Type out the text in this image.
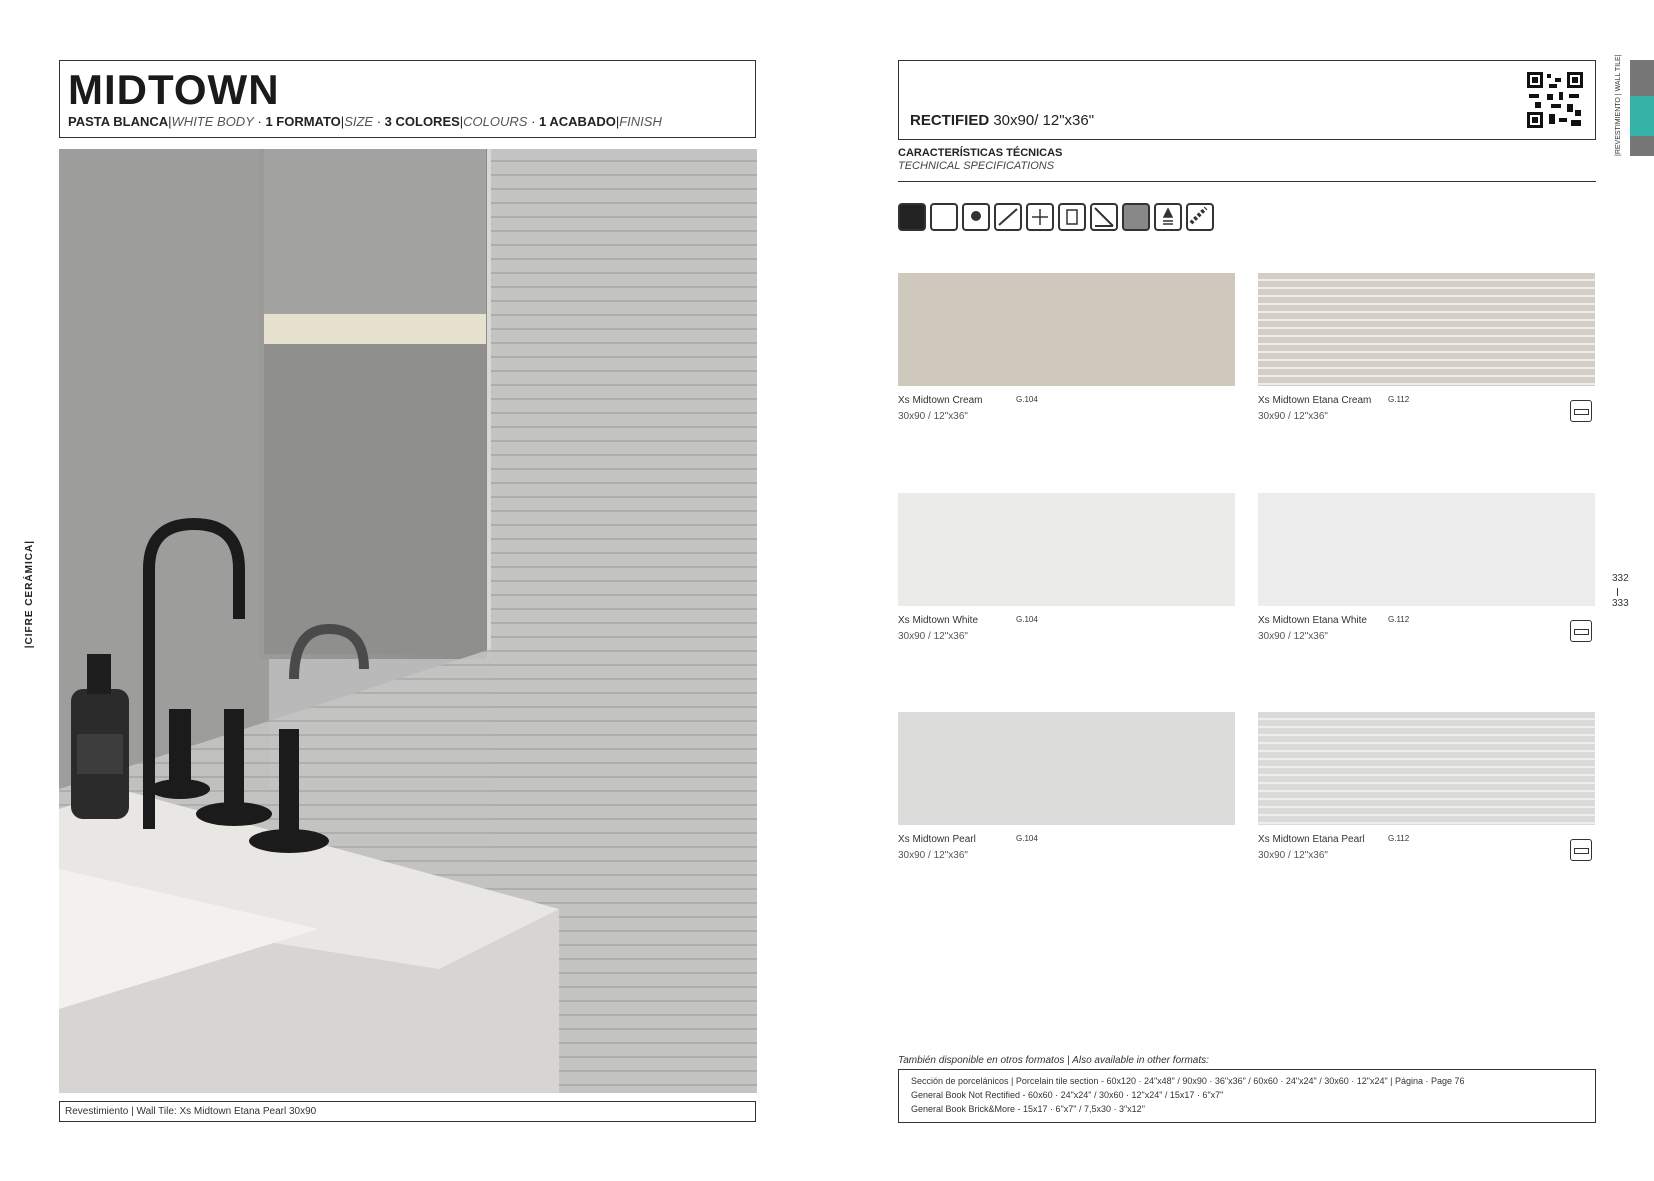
MIDTOWN
PASTA BLANCA|WHITE BODY · 1 FORMATO|SIZE · 3 COLORES|COLOURS · 1 ACABADO|FINISH
Revestimiento | Wall Tile: Xs Midtown Etana Pearl 30x90
|CIFRE CERÁMICA|
RECTIFIED 30x90/ 12"x36"	|REVESTIMIENTO | WALL TILE|
CARACTERÍSTICAS TÉCNICAS
TECHNICAL SPECIFICATIONS
Xs Midtown Cream
30x90 / 12"x36"
G.104	Xs Midtown Etana Cream
30x90 / 12"x36"
G.112
Xs Midtown White
30x90 / 12"x36"
G.104	Xs Midtown Etana White
30x90 / 12"x36"
G.112
Xs Midtown Pearl
30x90 / 12"x36"
G.104	Xs Midtown Etana Pearl
30x90 / 12"x36"
G.112
332
333
También disponible en otros formatos | Also available in other formats:
Sección de porcelánicos | Porcelain tile section - 60x120 · 24"x48" / 90x90 · 36"x36" / 60x60 · 24"x24" / 30x60 · 12"x24" | Página · Page 76
General Book Not Rectified - 60x60 · 24"x24" / 30x60 · 12"x24" / 15x17 · 6"x7"
General Book Brick&More - 15x17 · 6"x7" / 7,5x30 · 3"x12"
